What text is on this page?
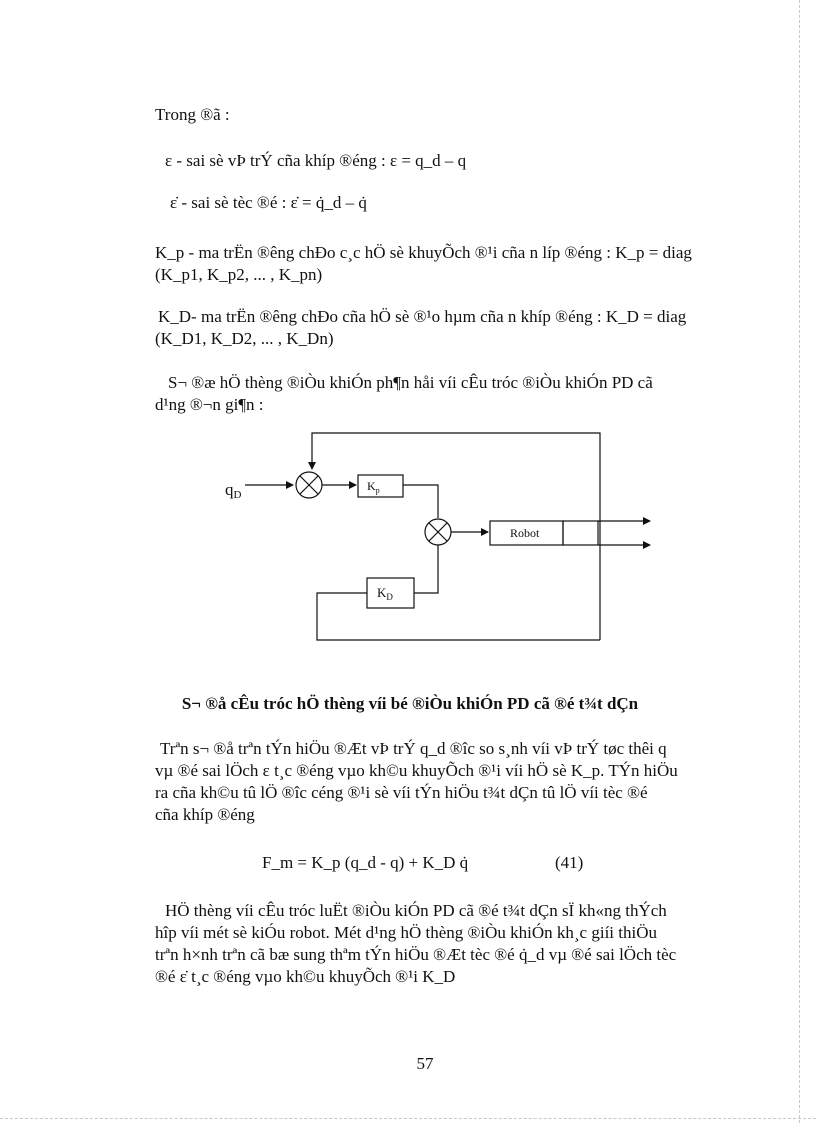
Trong ®ã :
ε - sai sè vÞ trÝ cña khíp ®éng : ε = q_d – q
ε̇ - sai sè tèc ®é : ε̇ = q̇_d – q̇
K_p - ma trËn ®êng chÐo c¸c hÖ sè khuyÕch ®¹i cña n líp ®éng : K_p = diag
(K_p1, K_p2, ... , K_pn)
K_D- ma trËn ®êng chÐo cña hÖ sè ®¹o hµm cña n khíp ®éng : K_D = diag
(K_D1, K_D2, ... , K_Dn)
S¬ ®æ hÖ thèng ®iÒu khiÓn ph¶n håi víi cÊu tróc ®iÒu khiÓn PD cã
d¹ng ®¬n gi¶n :
qD
$K_p$
Robot
$K_D$
S¬ ®å cÊu tróc hÖ thèng víi bé ®iÒu khiÓn PD cã ®é t¾t dÇn
Trªn s¬ ®å trªn tÝn hiÖu ®Æt vÞ trÝ q_d ®îc so s¸nh víi vÞ trÝ tøc thêi q
vµ ®é sai lÖch ε t¸c ®éng vµo kh©u khuyÕch ®¹i víi hÖ sè K_p. TÝn hiÖu
ra cña kh©u tû lÖ ®îc céng ®¹i sè víi tÝn hiÖu t¾t dÇn tû lÖ víi tèc ®é
cña khíp ®éng
F_m = K_p (q_d - q) + K_D q̇	(41)
HÖ thèng víi cÊu tróc luËt ®iÒu kiÓn PD cã ®é t¾t dÇn sÏ kh«ng thÝch
hîp víi mét sè kiÓu robot. Mét d¹ng hÖ thèng ®iÒu khiÓn kh¸c giíi thiÖu
trªn h×nh trªn cã bæ sung thªm tÝn hiÖu ®Æt tèc ®é q̇_d vµ ®é sai lÖch tèc
®é ε̇ t¸c ®éng vµo kh©u khuyÕch ®¹i K_D
57
